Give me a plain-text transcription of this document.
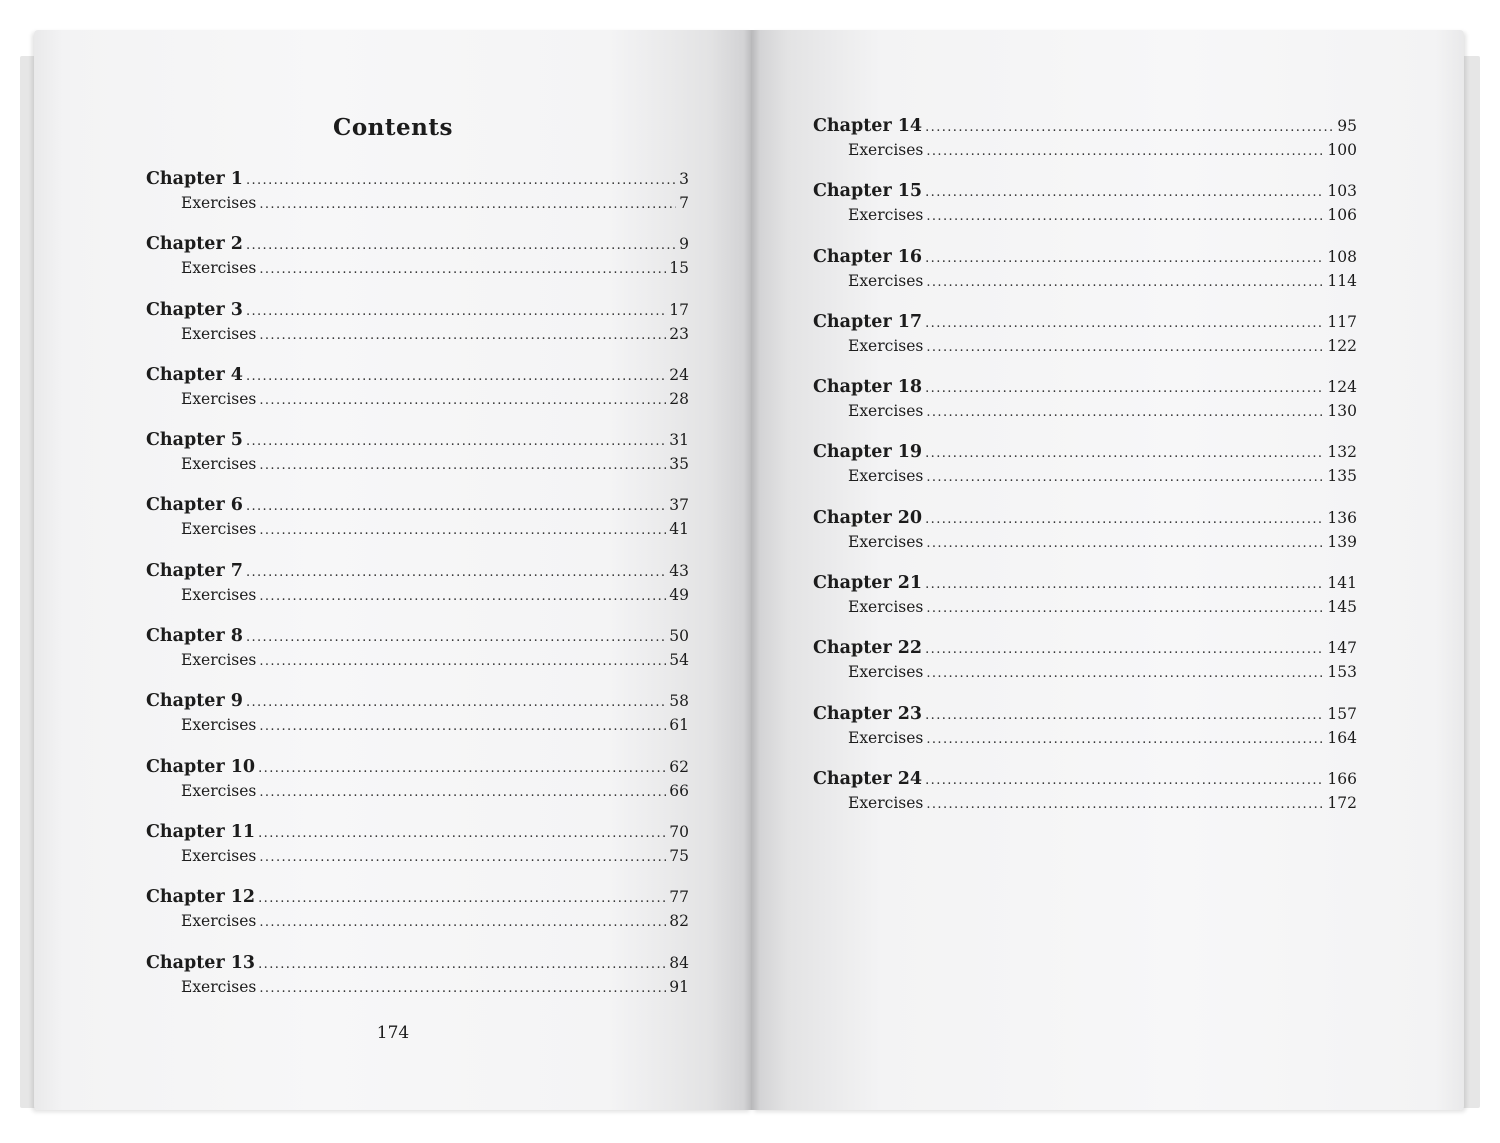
Contents
Chapter 1 .....	3
Exercises .....	7
Chapter 2 .....	9
Exercises .....	15
Chapter 3 .....	17
Exercises .....	23
Chapter 4 .....	24
Exercises .....	28
Chapter 5 .....	31
Exercises .....	35
Chapter 6 .....	37
Exercises .....	41
Chapter 7 .....	43
Exercises .....	49
Chapter 8 .....	50
Exercises .....	54
Chapter 9 .....	58
Exercises .....	61
Chapter 10 .....	62
Exercises .....	66
Chapter 11 .....	70
Exercises .....	75
Chapter 12 .....	77
Exercises .....	82
Chapter 13 .....	84
Exercises .....	91
174
Chapter 14 .....	95
Exercises .....	100
Chapter 15 .....	103
Exercises .....	106
Chapter 16 .....	108
Exercises .....	114
Chapter 17 .....	117
Exercises .....	122
Chapter 18 .....	124
Exercises .....	130
Chapter 19 .....	132
Exercises .....	135
Chapter 20 .....	136
Exercises .....	139
Chapter 21 .....	141
Exercises .....	145
Chapter 22 .....	147
Exercises .....	153
Chapter 23 .....	157
Exercises .....	164
Chapter 24 .....	166
Exercises .....	172
